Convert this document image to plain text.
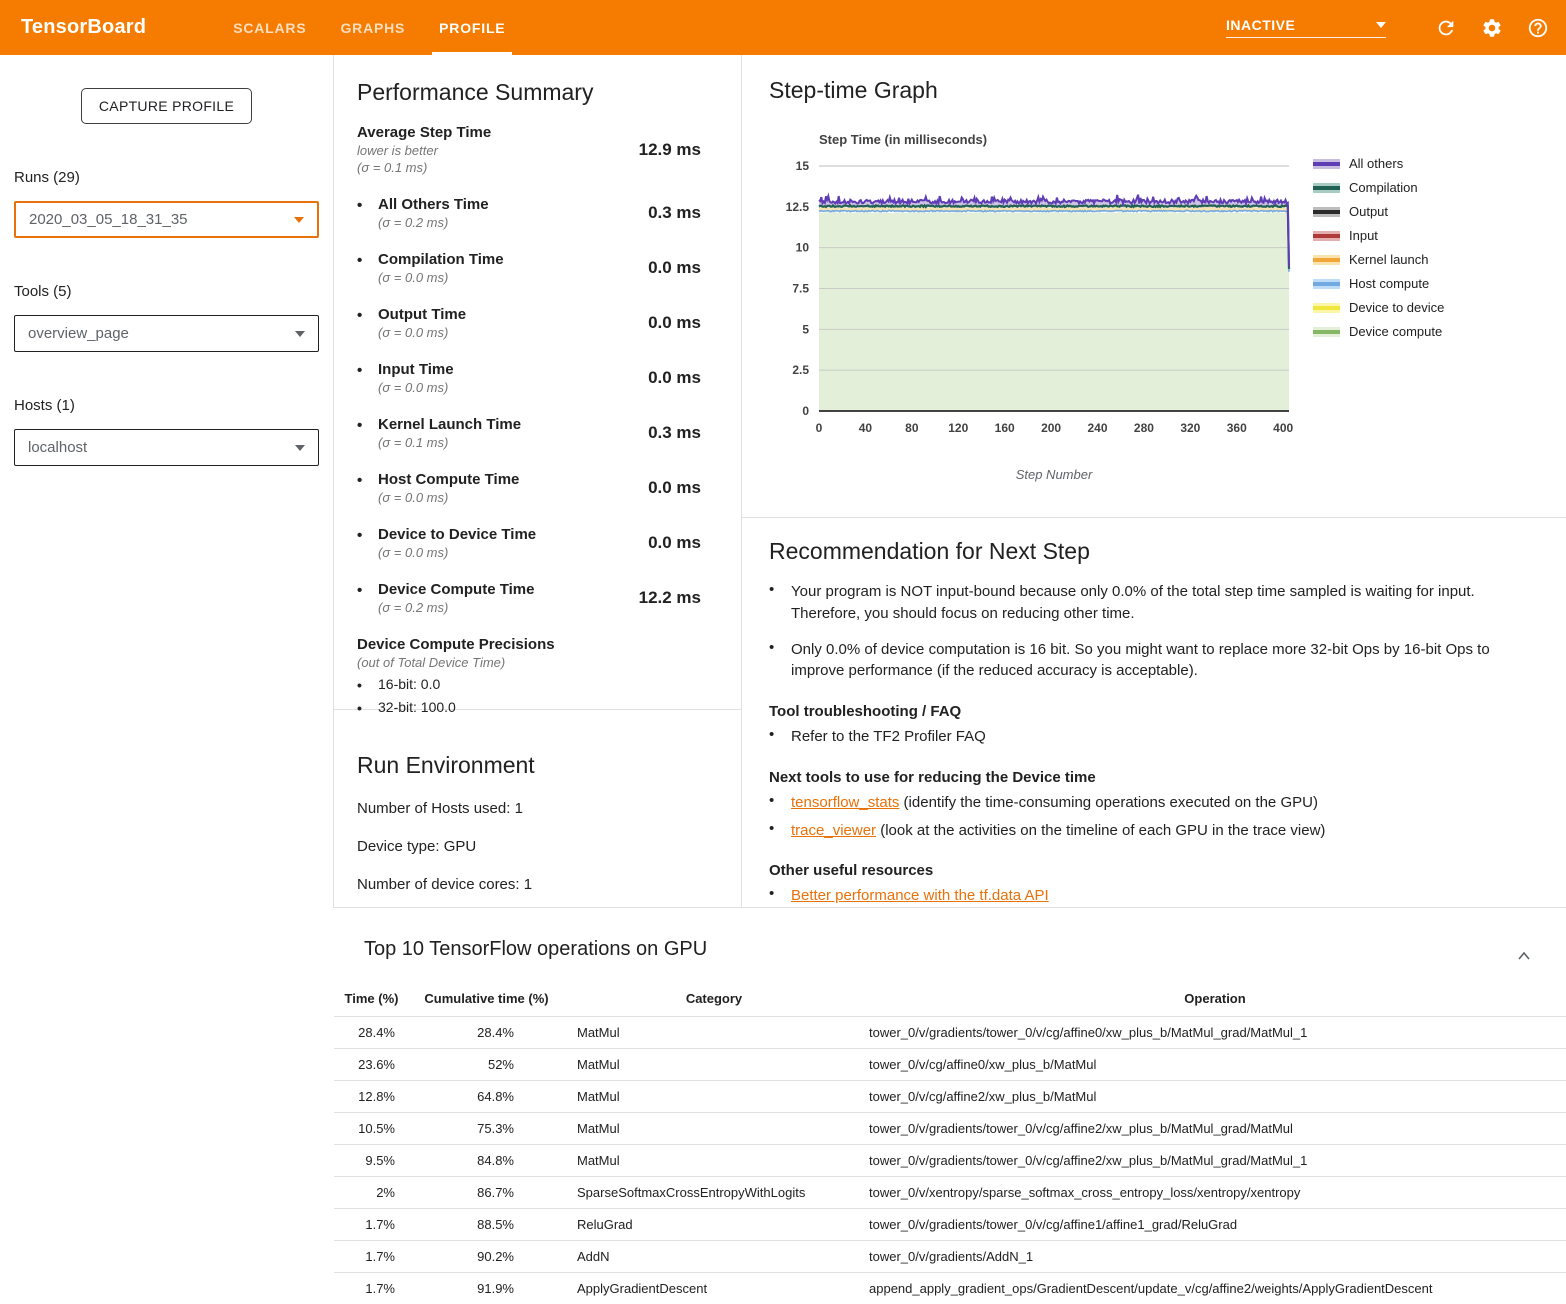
TensorBoard	SCALARS	GRAPHS	PROFILE	INACTIVE
CAPTURE PROFILE
Runs (29)
2020_03_05_18_31_35
Tools (5)
overview_page
Hosts (1)
localhost
Performance Summary
Average Step Time
lower is better
(σ = 0.1 ms)
12.9 ms
•	All Others Time
(σ = 0.2 ms)
0.3 ms
•	Compilation Time
(σ = 0.0 ms)
0.0 ms
•	Output Time
(σ = 0.0 ms)
0.0 ms
•	Input Time
(σ = 0.0 ms)
0.0 ms
•	Kernel Launch Time
(σ = 0.1 ms)
0.3 ms
•	Host Compute Time
(σ = 0.0 ms)
0.0 ms
•	Device to Device Time
(σ = 0.0 ms)
0.0 ms
•	Device Compute Time
(σ = 0.2 ms)
12.2 ms
Device Compute Precisions
(out of Total Device Time)
•	16-bit: 0.0
•	32-bit: 100.0
Run Environment
Number of Hosts used: 1
Device type: GPU
Number of device cores: 1
Step-time Graph
Step Time (in milliseconds)
0
2.5
5
7.5
10
12.5
15
0	40	80 120 160 200 240 280 320 360 400
Step Number
All others
Compilation
Output
Input
Kernel launch
Host compute
Device to device
Device compute
Recommendation for Next Step
•	Your program is NOT input-bound because only 0.0% of the total step time sampled is waiting for input. Therefore, you should focus on reducing other time.
•	Only 0.0% of device computation is 16 bit. So you might want to replace more 32-bit Ops by 16-bit Ops to improve performance (if the reduced accuracy is acceptable).
Tool troubleshooting / FAQ
•	Refer to the TF2 Profiler FAQ
Next tools to use for reducing the Device time
•	tensorflow_stats (identify the time-consuming operations executed on the GPU)
•	trace_viewer (look at the activities on the timeline of each GPU in the trace view)
Other useful resources
•	Better performance with the tf.data API
Top 10 TensorFlow operations on GPU
Time (%)	Cumulative time (%)	Category	Operation
28.4%	28.4%	MatMul	tower_0/v/gradients/tower_0/v/cg/affine0/xw_plus_b/MatMul_grad/MatMul_1
23.6%	52%	MatMul	tower_0/v/cg/affine0/xw_plus_b/MatMul
12.8%	64.8%	MatMul	tower_0/v/cg/affine2/xw_plus_b/MatMul
10.5%	75.3%	MatMul	tower_0/v/gradients/tower_0/v/cg/affine2/xw_plus_b/MatMul_grad/MatMul
9.5%	84.8%	MatMul	tower_0/v/gradients/tower_0/v/cg/affine2/xw_plus_b/MatMul_grad/MatMul_1
2%	86.7%	SparseSoftmaxCrossEntropyWithLogits	tower_0/v/xentropy/sparse_softmax_cross_entropy_loss/xentropy/xentropy
1.7%	88.5%	ReluGrad	tower_0/v/gradients/tower_0/v/cg/affine1/affine1_grad/ReluGrad
1.7%	90.2%	AddN	tower_0/v/gradients/AddN_1
1.7%	91.9%	ApplyGradientDescent	append_apply_gradient_ops/GradientDescent/update_v/cg/affine2/weights/ApplyGradientDescent
